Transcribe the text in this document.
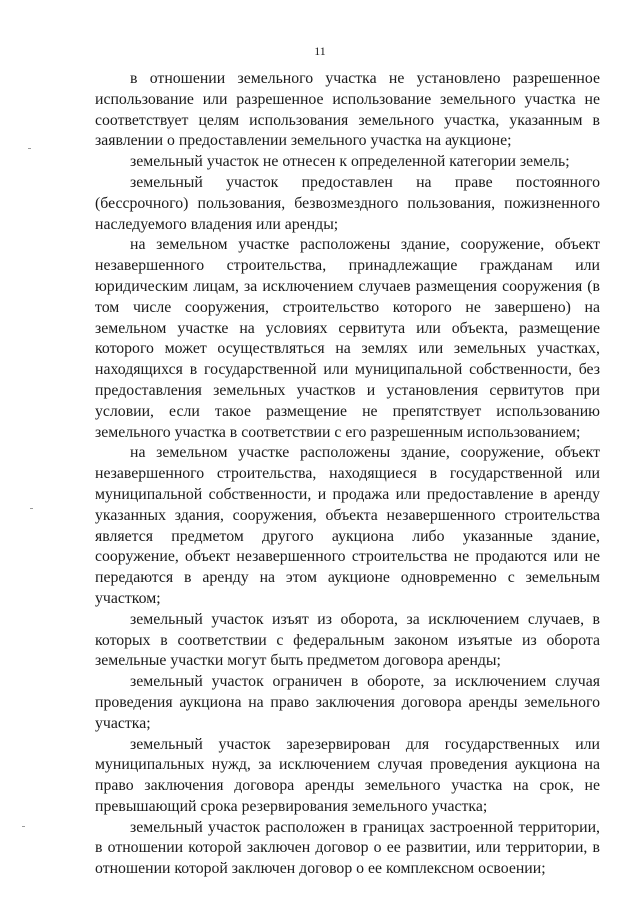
11

в отношении земельного участка не установлено разрешенное использование или разрешенное использование земельного участка не соответствует целям использования земельного участка, указанным в заявлении о предоставлении земельного участка на аукционе;

земельный участок не отнесен к определенной категории земель;

земельный участок предоставлен на праве постоянного (бессрочного) пользования, безвозмездного пользования, пожизненного наследуемого владения или аренды;

на земельном участке расположены здание, сооружение, объект незавершенного строительства, принадлежащие гражданам или юридическим лицам, за исключением случаев размещения сооружения (в том числе сооружения, строительство которого не завершено) на земельном участке на условиях сервитута или объекта, размещение которого может осуществляться на землях или земельных участках, находящихся в государственной или муниципальной собственности, без предоставления земельных участков и установления сервитутов при условии, если такое размещение не препятствует использованию земельного участка в соответствии с его разрешенным использованием;

на земельном участке расположены здание, сооружение, объект незавершенного строительства, находящиеся в государственной или муниципальной собственности, и продажа или предоставление в аренду указанных здания, сооружения, объекта незавершенного строительства является предметом другого аукциона либо указанные здание, сооружение, объект незавершенного строительства не продаются или не передаются в аренду на этом аукционе одновременно с земельным участком;

земельный участок изъят из оборота, за исключением случаев, в которых в соответствии с федеральным законом изъятые из оборота земельные участки могут быть предметом договора аренды;

земельный участок ограничен в обороте, за исключением случая проведения аукциона на право заключения договора аренды земельного участка;

земельный участок зарезервирован для государственных или муниципальных нужд, за исключением случая проведения аукциона на право заключения договора аренды земельного участка на срок, не превышающий срока резервирования земельного участка;

земельный участок расположен в границах застроенной территории, в отношении которой заключен договор о ее развитии, или территории, в отношении которой заключен договор о ее комплексном освоении;
